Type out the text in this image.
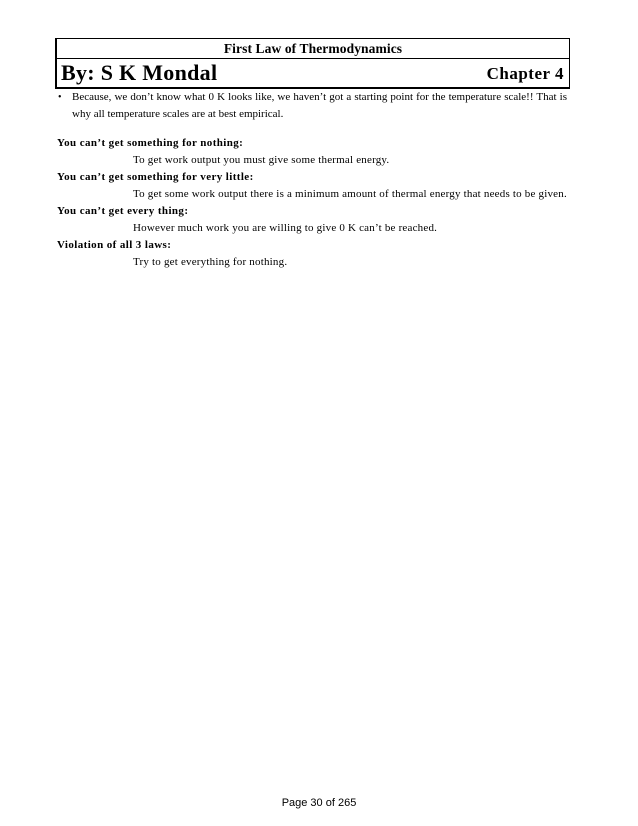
First Law of Thermodynamics
By: S K Mondal	Chapter 4
• Because, we don’t know what 0 K looks like, we haven’t got a starting point for the temperature scale!! That is why all temperature scales are at best empirical.
You can’t get something for nothing:
To get work output you must give some thermal energy.
You can’t get something for very little:
To get some work output there is a minimum amount of thermal energy that needs to be given.
You can’t get every thing:
However much work you are willing to give 0 K can’t be reached.
Violation of all 3 laws:
Try to get everything for nothing.
Page 30 of 265
